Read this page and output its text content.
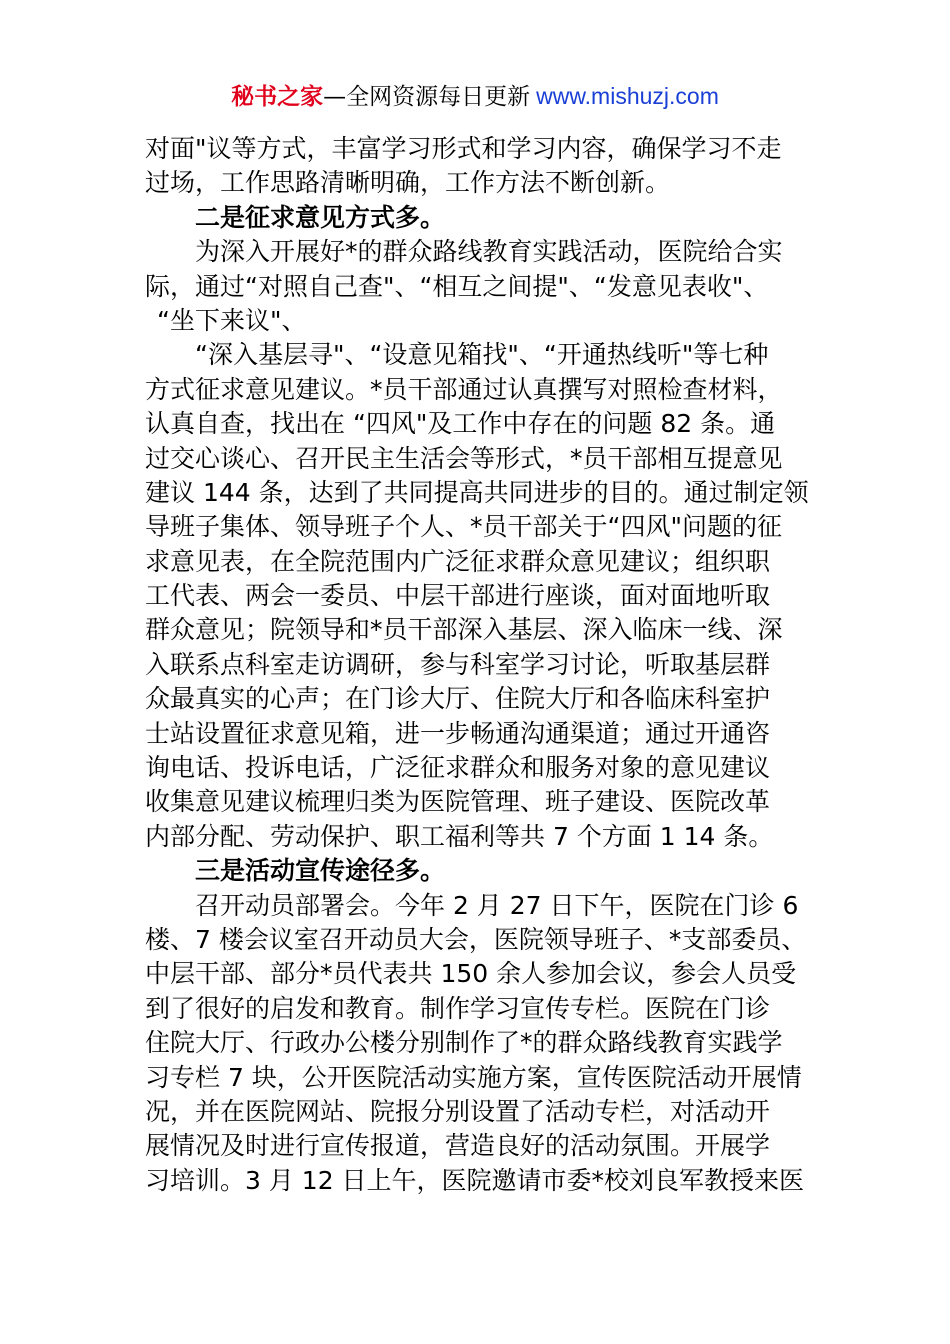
秘书之家—全网资源每日更新 www.mishuzj.com
对面"议等方式，丰富学习形式和学习内容，确保学习不走
过场，工作思路清晰明确，工作方法不断创新。
二是征求意见方式多。
为深入开展好*的群众路线教育实践活动，医院给合实
际，通过“对照自己查"、“相互之间提"、“发意见表收"、
“坐下来议"、
“深入基层寻"、“设意见箱找"、“开通热线听"等七种
方式征求意见建议。*员干部通过认真撰写对照检查材料，
认真自查，找出在 “四风"及工作中存在的问题 82 条。通
过交心谈心、召开民主生活会等形式，*员干部相互提意见
建议 144 条，达到了共同提高共同进步的目的。通过制定领
导班子集体、领导班子个人、*员干部关于“四风"问题的征
求意见表，在全院范围内广泛征求群众意见建议；组织职
工代表、两会一委员、中层干部进行座谈，面对面地听取
群众意见；院领导和*员干部深入基层、深入临床一线、深
入联系点科室走访调研，参与科室学习讨论，听取基层群
众最真实的心声；在门诊大厅、住院大厅和各临床科室护
士站设置征求意见箱，进一步畅通沟通渠道；通过开通咨
询电话、投诉电话，广泛征求群众和服务对象的意见建议
收集意见建议梳理归类为医院管理、班子建设、医院改革
内部分配、劳动保护、职工福利等共 7 个方面 1 14 条。
三是活动宣传途径多。
召开动员部署会。今年 2 月 27 日下午，医院在门诊 6
楼、7 楼会议室召开动员大会，医院领导班子、*支部委员、
中层干部、部分*员代表共 150 余人参加会议，参会人员受
到了很好的启发和教育。制作学习宣传专栏。医院在门诊
住院大厅、行政办公楼分别制作了*的群众路线教育实践学
习专栏 7 块，公开医院活动实施方案，宣传医院活动开展情
况，并在医院网站、院报分别设置了活动专栏，对活动开
展情况及时进行宣传报道，营造良好的活动氛围。开展学
习培训。3 月 12 日上午，医院邀请市委*校刘良军教授来医
